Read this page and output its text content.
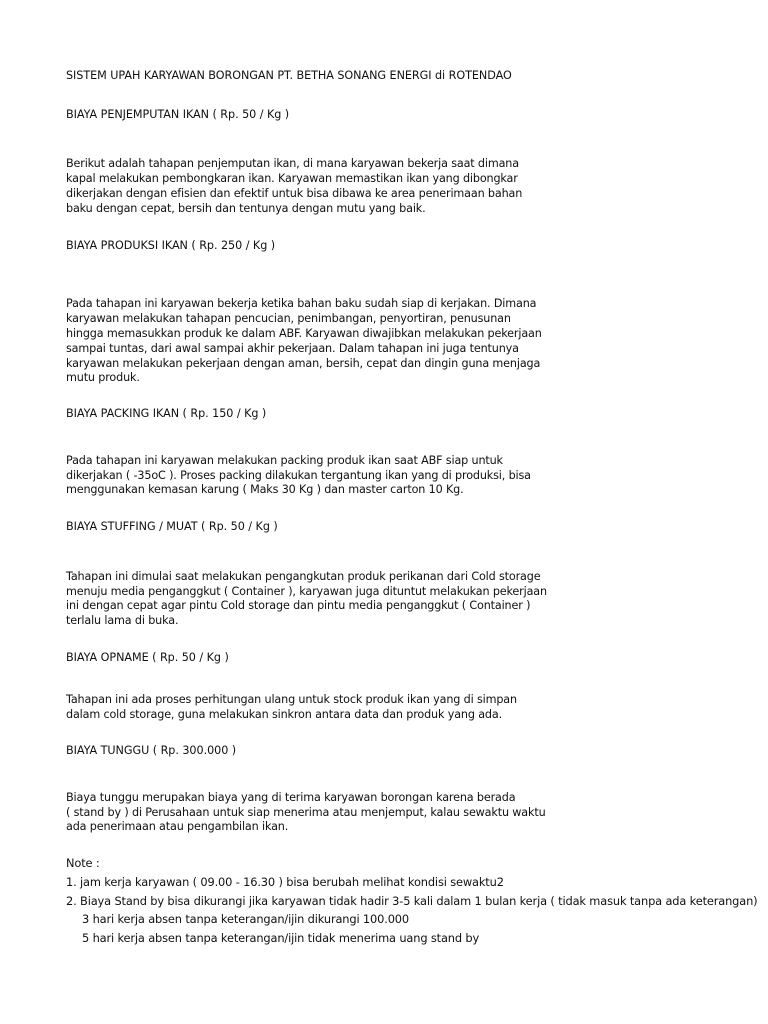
SISTEM UPAH KARYAWAN BORONGAN PT. BETHA SONANG ENERGI di ROTENDAO
BIAYA PENJEMPUTAN IKAN ( Rp. 50 / Kg )
Berikut adalah tahapan penjemputan ikan, di mana karyawan bekerja saat dimana
kapal melakukan pembongkaran ikan. Karyawan memastikan ikan yang dibongkar
dikerjakan dengan efisien dan efektif untuk bisa dibawa ke area penerimaan bahan
baku dengan cepat, bersih dan tentunya dengan mutu yang baik.
BIAYA PRODUKSI IKAN ( Rp. 250 / Kg )
Pada tahapan ini karyawan bekerja ketika bahan baku sudah siap di kerjakan. Dimana
karyawan melakukan tahapan pencucian, penimbangan, penyortiran, penusunan
hingga memasukkan produk ke dalam ABF. Karyawan diwajibkan melakukan pekerjaan
sampai tuntas, dari awal sampai akhir pekerjaan. Dalam tahapan ini juga tentunya
karyawan melakukan pekerjaan dengan aman, bersih, cepat dan dingin guna menjaga
mutu produk.
BIAYA PACKING IKAN ( Rp. 150 / Kg )
Pada tahapan ini karyawan melakukan packing produk ikan saat ABF siap untuk
dikerjakan ( -35oC ). Proses packing dilakukan tergantung ikan yang di produksi, bisa
menggunakan kemasan karung ( Maks 30 Kg ) dan master carton 10 Kg.
BIAYA STUFFING / MUAT ( Rp. 50 / Kg )
Tahapan ini dimulai saat melakukan pengangkutan produk perikanan dari Cold storage
menuju media penganggkut ( Container ), karyawan juga dituntut melakukan pekerjaan
ini dengan cepat agar pintu Cold storage dan pintu media penganggkut ( Container )
terlalu lama di buka.
BIAYA OPNAME ( Rp. 50 / Kg )
Tahapan ini ada proses perhitungan ulang untuk stock produk ikan yang di simpan
dalam cold storage, guna melakukan sinkron antara data dan produk yang ada.
BIAYA TUNGGU ( Rp. 300.000 )
Biaya tunggu merupakan biaya yang di terima karyawan borongan karena berada
( stand by ) di Perusahaan untuk siap menerima atau menjemput, kalau sewaktu waktu
ada penerimaan atau pengambilan ikan.
Note :
1. jam kerja karyawan ( 09.00 - 16.30 ) bisa berubah melihat kondisi sewaktu2
2. Biaya Stand by bisa dikurangi jika karyawan tidak hadir 3-5 kali dalam 1 bulan kerja ( tidak masuk tanpa ada keterangan)
3 hari kerja absen tanpa keterangan/ijin dikurangi 100.000
5 hari kerja absen tanpa keterangan/ijin tidak menerima uang stand by
